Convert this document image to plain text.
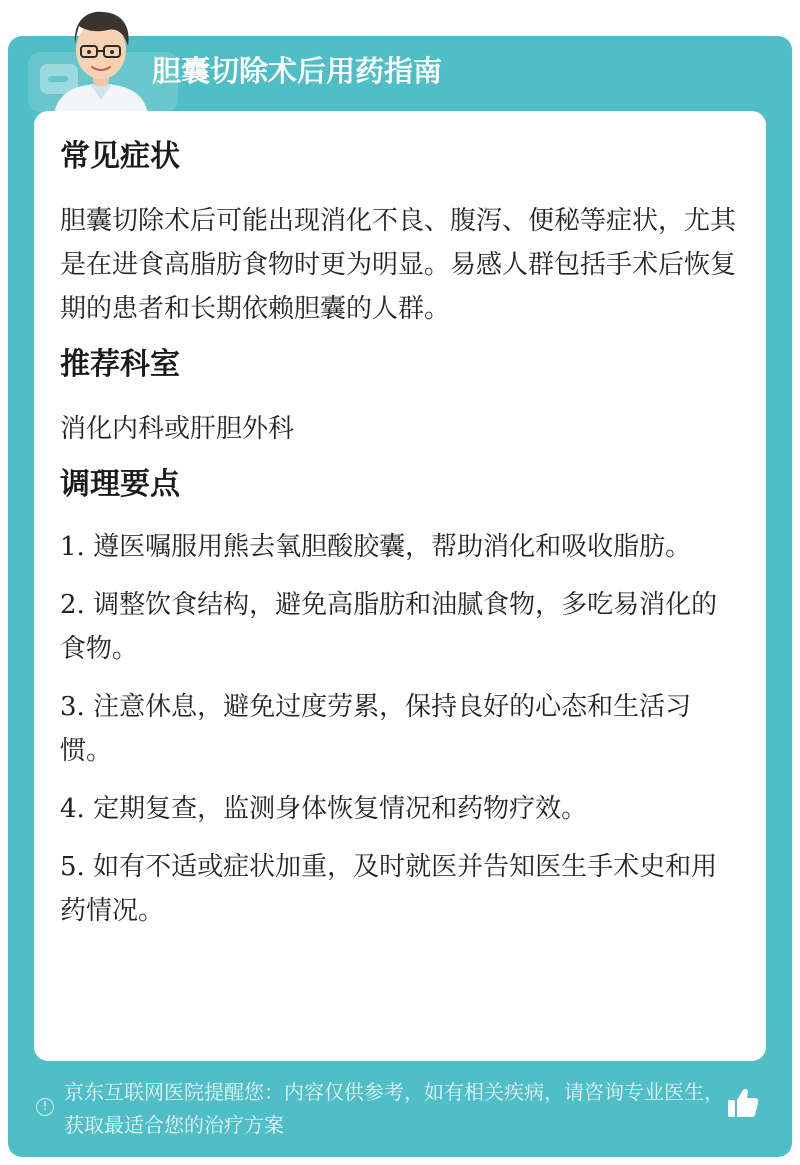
胆囊切除术后用药指南
常见症状

胆囊切除术后可能出现消化不良、腹泻、便秘等症状，尤其是在进食高脂肪食物时更为明显。易感人群包括手术后恢复期的患者和长期依赖胆囊的人群。

推荐科室

消化内科或肝胆外科

调理要点
1. 遵医嘱服用熊去氧胆酸胶囊，帮助消化和吸收脂肪。
2. 调整饮食结构，避免高脂肪和油腻食物，多吃易消化的食物。
3. 注意休息，避免过度劳累，保持良好的心态和生活习惯。
4. 定期复查，监测身体恢复情况和药物疗效。
5. 如有不适或症状加重，及时就医并告知医生手术史和用药情况。
!

京东互联网医院提醒您：内容仅供参考，如有相关疾病，请咨询专业医生，获取最适合您的治疗方案
